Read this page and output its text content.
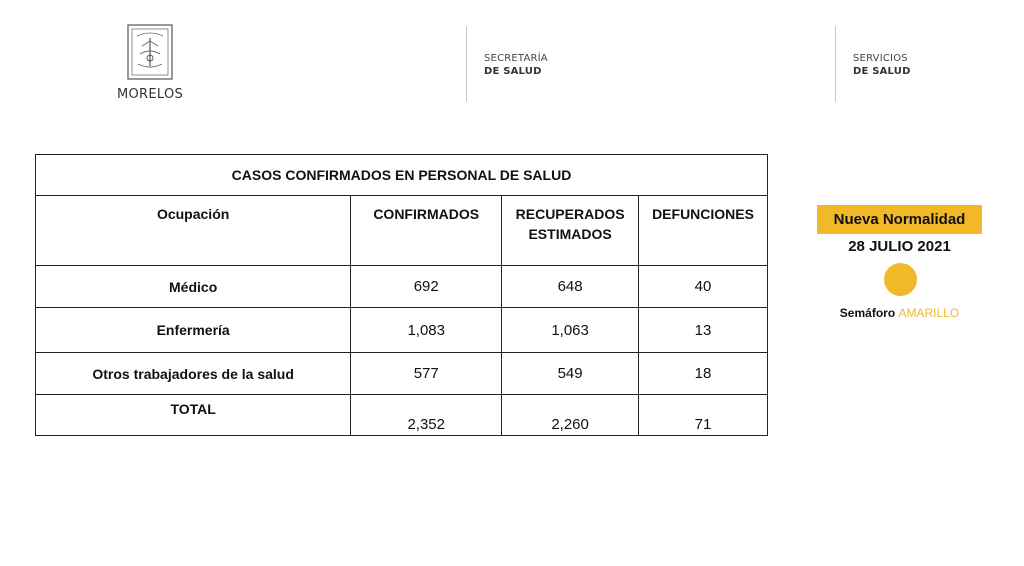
MORELOS
SECRETARÍA
DE SALUD
SERVICIOS
DE SALUD
CASOS CONFIRMADOS EN PERSONAL DE SALUD			
Ocupación	CONFIRMADOS	RECUPERADOS ESTIMADOS	DEFUNCIONES
Médico	692	648	40
Enfermería	1,083	1,063	13
Otros trabajadores de la salud	577	549	18
TOTAL	2,352	2,260	71
Nueva Normalidad
28 JULIO 2021
Semáforo AMARILLO
